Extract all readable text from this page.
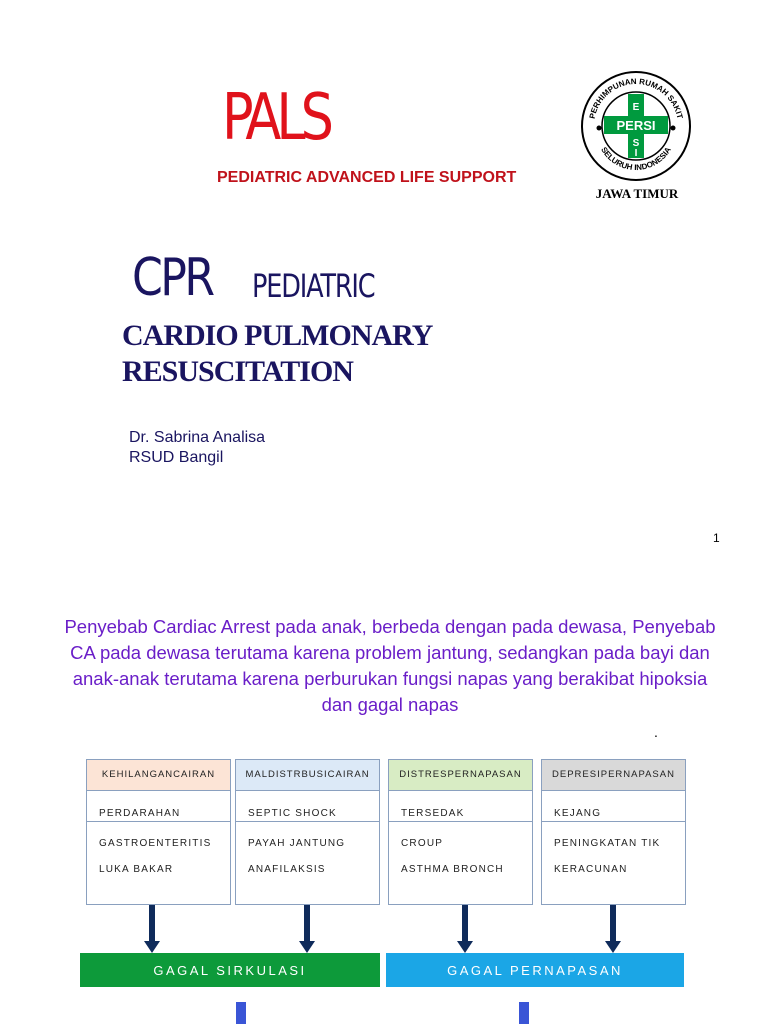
PALS
PEDIATRIC ADVANCED LIFE SUPPORT
PERHIMPUNAN RUMAH SAKIT
SELURUH INDONESIA
PERSI
E
S
I
JAWA TIMUR
CPR PEDIATRIC
CARDIO PULMONARY
RESUSCITATION
Dr. Sabrina Analisa
RSUD Bangil
1
Penyebab Cardiac Arrest pada anak, berbeda dengan pada dewasa, Penyebab CA pada dewasa terutama karena problem jantung, sedangkan pada bayi dan anak-anak terutama karena perburukan fungsi napas yang berakibat hipoksia dan gagal napas
.
KEHILANGAN CAIRAN
PERDARAHAN
GASTROENTERITIS
LUKA BAKAR
MALDISTRBUSI CAIRAN
SEPTIC SHOCK
PAYAH JANTUNG
ANAFILAKSIS
DISTRES PERNAPASAN
TERSEDAK
CROUP
ASTHMA BRONCH
DEPRESI PERNAPASAN
KEJANG
PENINGKATAN TIK
KERACUNAN
GAGAL SIRKULASI	GAGAL PERNAPASAN
